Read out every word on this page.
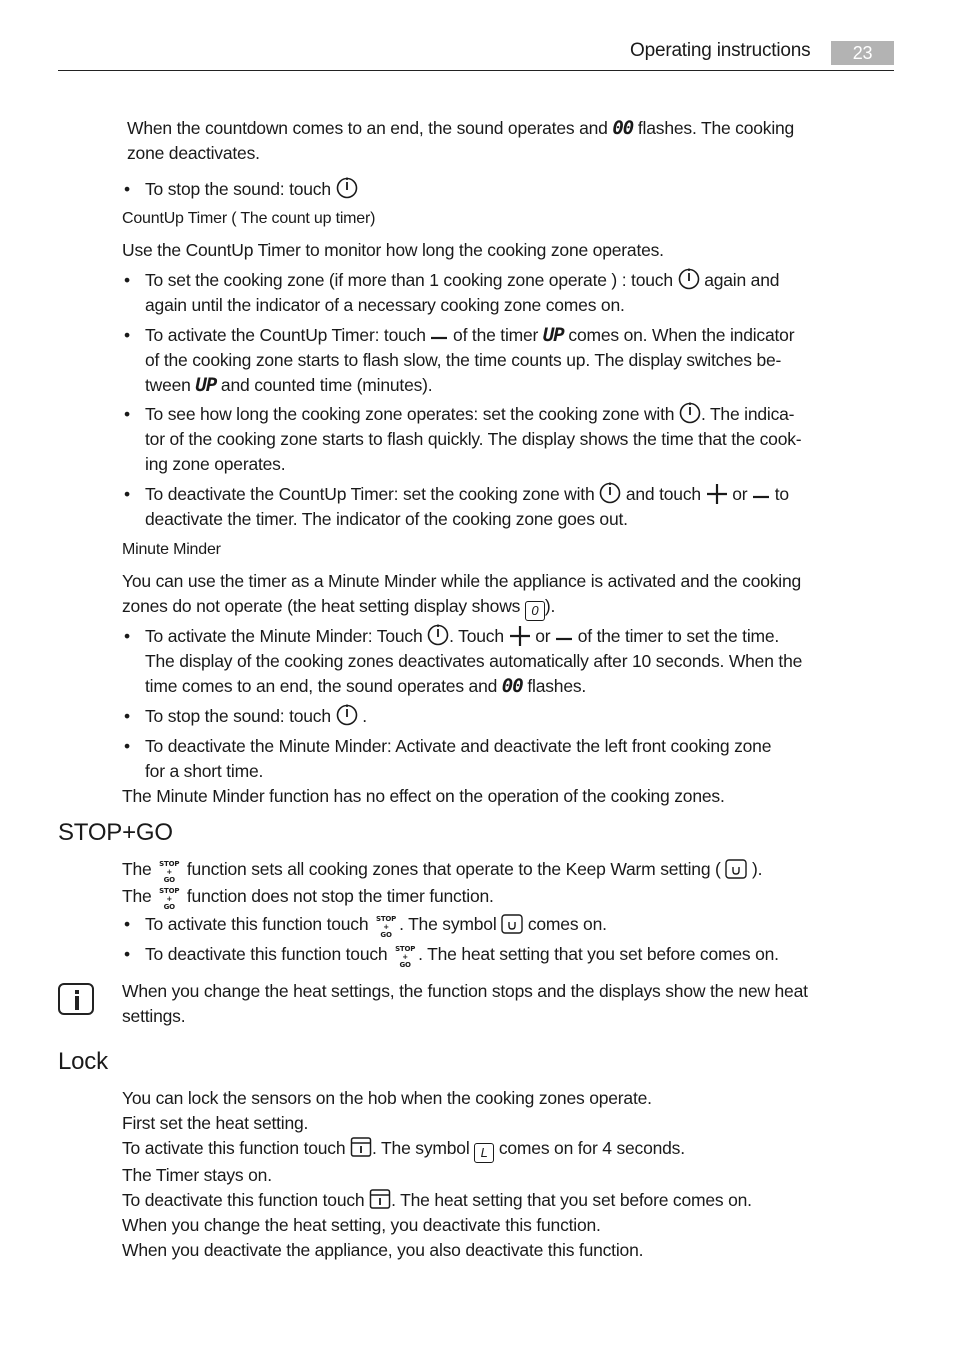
Operating instructions	23
When the countdown comes to an end, the sound operates and 00 flashes. The cooking
zone deactivates.
• To stop the sound: touch
CountUp Timer ( The count up timer)
Use the CountUp Timer to monitor how long the cooking zone operates.
• To set the cooking zone (if more than 1 cooking zone operate ) : touch  again and
again until the indicator of a necessary cooking zone comes on.
• To activate the CountUp Timer: touch  of the timer UP comes on. When the indicator
of the cooking zone starts to flash slow, the time counts up. The display switches be-
tween UP and counted time (minutes).
• To see how long the cooking zone operates: set the cooking zone with . The indica-
tor of the cooking zone starts to flash quickly. The display shows the time that the cook-
ing zone operates.
• To deactivate the CountUp Timer: set the cooking zone with  and touch  or  to
deactivate the timer. The indicator of the cooking zone goes out.
Minute Minder
You can use the timer as a Minute Minder while the appliance is activated and the cooking
zones do not operate (the heat setting display shows 0 ).
• To activate the Minute Minder: Touch . Touch  or  of the timer to set the time.
The display of the cooking zones deactivates automatically after 10 seconds. When the
time comes to an end, the sound operates and 00 flashes.
• To stop the sound: touch  .
• To deactivate the Minute Minder: Activate and deactivate the left front cooking zone
for a short time.
The Minute Minder function has no effect on the operation of the cooking zones.
STOP+GO
The STOP
+
GO
function sets all cooking zones that operate to the Keep Warm setting (  ).
The STOP
+
GO
function does not stop the timer function.
• To activate this function touch STOP
+
GO
. The symbol  comes on.
• To deactivate this function touch STOP
+
GO
. The heat setting that you set before comes on.
When you change the heat settings, the function stops and the displays show the new heat
settings.
Lock
You can lock the sensors on the hob when the cooking zones operate.
First set the heat setting.
To activate this function touch . The symbol L comes on for 4 seconds.
The Timer stays on.
To deactivate this function touch . The heat setting that you set before comes on.
When you change the heat setting, you deactivate this function.
When you deactivate the appliance, you also deactivate this function.
